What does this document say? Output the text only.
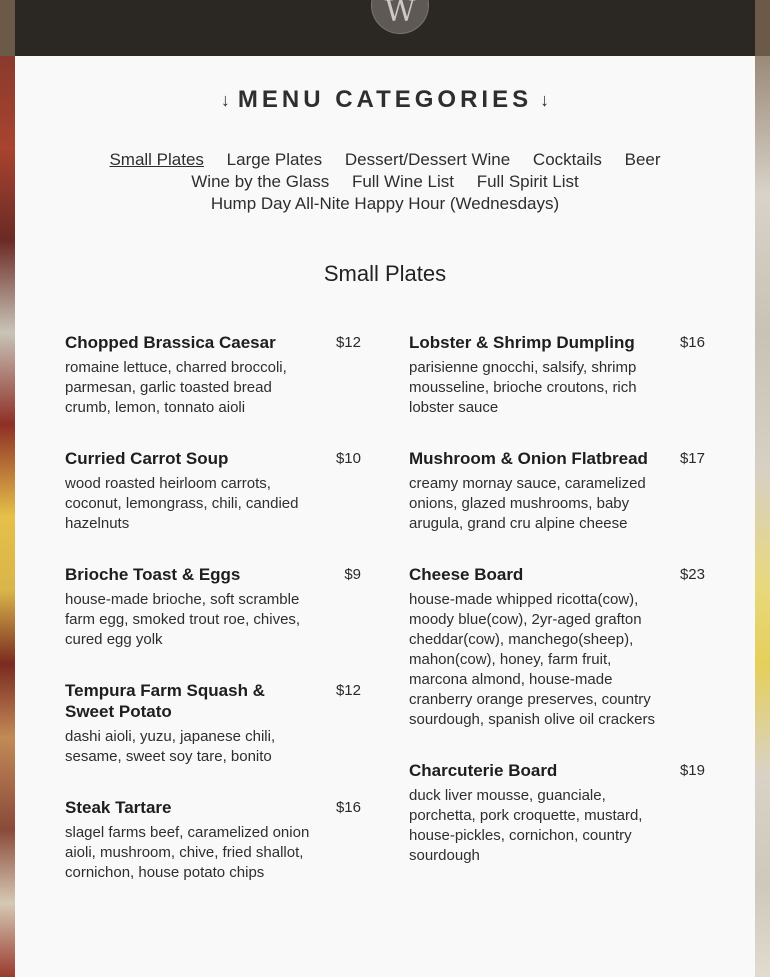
W
↓ MENU CATEGORIES ↓
Small Plates Large Plates Dessert/Dessert Wine Cocktails Beer
Wine by the Glass Full Wine List Full Spirit List
Hump Day All-Nite Happy Hour (Wednesdays)
Small Plates
Chopped Brassica Caesar	$12
romaine lettuce, charred broccoli, parmesan, garlic toasted bread crumb, lemon, tonnato aioli
Curried Carrot Soup	$10
wood roasted heirloom carrots, coconut, lemongrass, chili, candied hazelnuts
Brioche Toast & Eggs	$9
house-made brioche, soft scramble farm egg, smoked trout roe, chives, cured egg yolk
Tempura Farm Squash & Sweet Potato
$12
dashi aioli, yuzu, japanese chili, sesame, sweet soy tare, bonito
Steak Tartare	$16
slagel farms beef, caramelized onion aioli, mushroom, chive, fried shallot, cornichon, house potato chips
Lobster & Shrimp Dumpling	$16
parisienne gnocchi, salsify, shrimp mousseline, brioche croutons, rich lobster sauce
Mushroom & Onion Flatbread $17
creamy mornay sauce, caramelized onions, glazed mushrooms, baby arugula, grand cru alpine cheese
Cheese Board	$23
house-made whipped ricotta(cow), moody blue(cow), 2yr-aged grafton cheddar(cow), manchego(sheep), mahon(cow), honey, farm fruit, marcona almond, house-made cranberry orange preserves, country sourdough, spanish olive oil crackers
Charcuterie Board	$19
duck liver mousse, guanciale, porchetta, pork croquette, mustard, house-pickles, cornichon, country sourdough
